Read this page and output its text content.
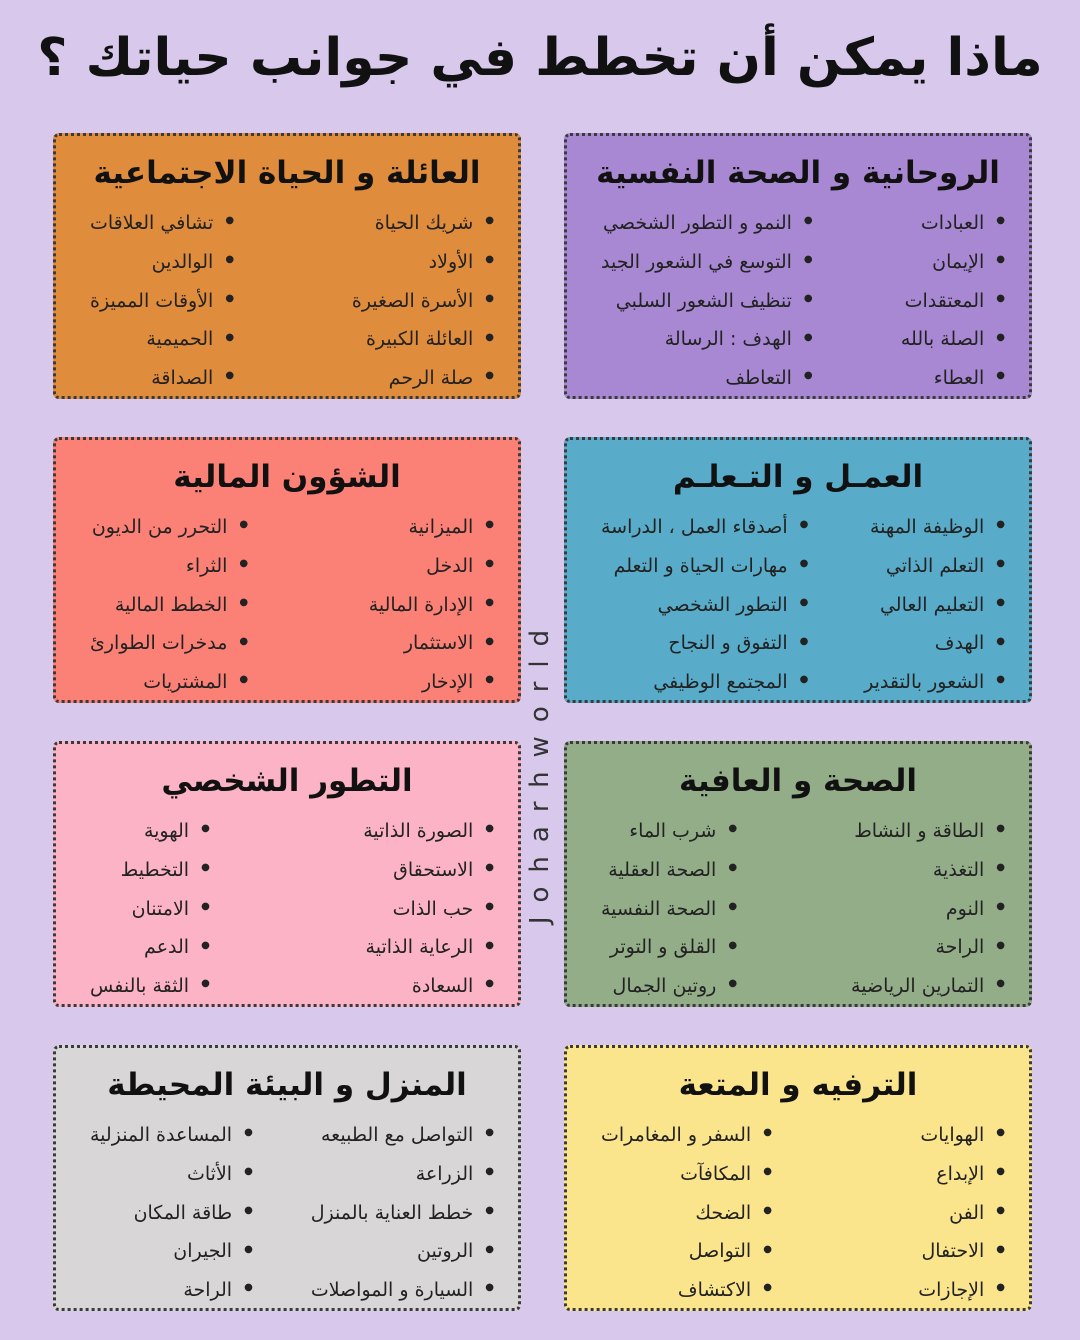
ماذا يمكن أن تخطط في جوانب حياتك ؟
الروحانية و الصحة النفسية
● العبادات
● الإيمان
● المعتقدات
● الصلة بالله
● العطاء
● النمو و التطور الشخصي
● التوسع في الشعور الجيد
● تنظيف الشعور السلبي
● الهدف : الرسالة
● التعاطف
العائلة و الحياة الاجتماعية
● شريك الحياة
● الأولاد
● الأسرة الصغيرة
● العائلة الكبيرة
● صلة الرحم
● تشافي العلاقات
● الوالدين
● الأوقات المميزة
● الحميمية
● الصداقة
العمـل و التـعلـم
● الوظيفة المهنة
● التعلم الذاتي
● التعليم العالي
● الهدف
● الشعور بالتقدير
● أصدقاء العمل ، الدراسة
● مهارات الحياة و التعلم
● التطور الشخصي
● التفوق و النجاح
● المجتمع الوظيفي
الشؤون المالية
● الميزانية
● الدخل
● الإدارة المالية
● الاستثمار
● الإدخار
● التحرر من الديون
● الثراء
● الخطط المالية
● مدخرات الطوارئ
● المشتريات
الصحة و العافية
● الطاقة و النشاط
● التغذية
● النوم
● الراحة
● التمارين الرياضية
● شرب الماء
● الصحة العقلية
● الصحة النفسية
● القلق و التوتر
● روتين الجمال
التطور الشخصي
● الصورة الذاتية
● الاستحقاق
● حب الذات
● الرعاية الذاتية
● السعادة
● الهوية
● التخطيط
● الامتنان
● الدعم
● الثقة بالنفس
الترفيه و المتعة
● الهوايات
● الإبداع
● الفن
● الاحتفال
● الإجازات
● السفر و المغامرات
● المكافآت
● الضحك
● التواصل
● الاكتشاف
المنزل و البيئة المحيطة
● التواصل مع الطبيعه
● الزراعة
● خطط العناية بالمنزل
● الروتين
● السيارة و المواصلات
● المساعدة المنزلية
● الأثاث
● طاقة المكان
● الجيران
● الراحة
Joharhworld
